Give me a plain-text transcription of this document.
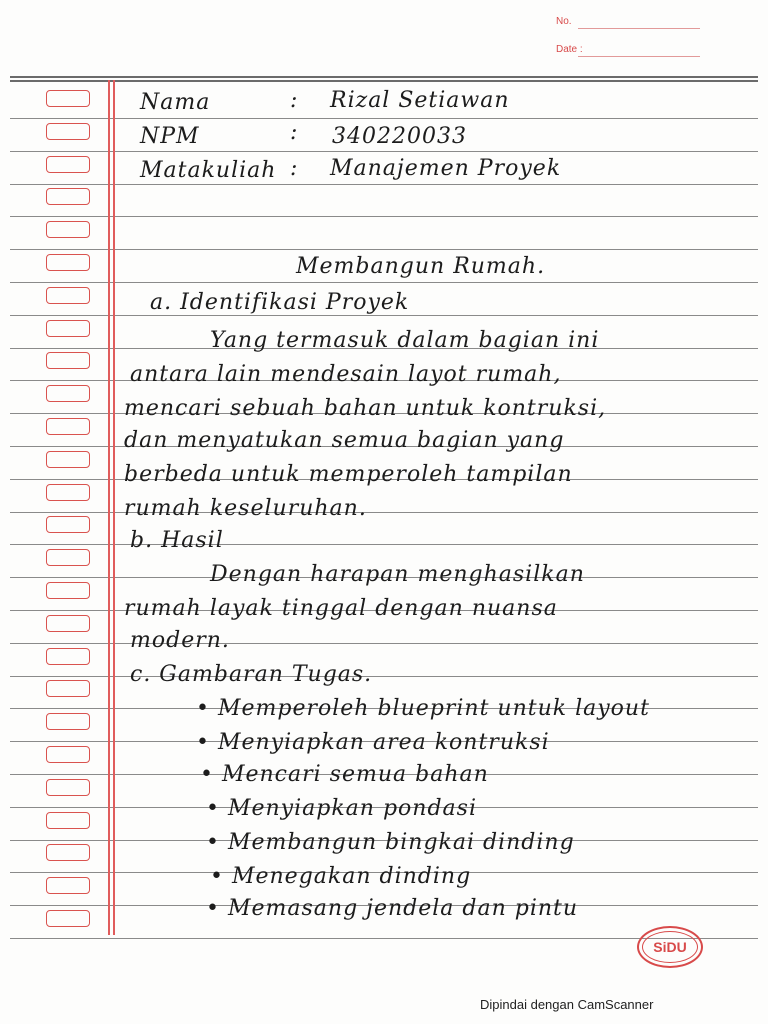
No.
Date :
Nama	: Rizal Setiawan
NPM	: 340220033
Matakuliah : Manajemen Proyek
Membangun Rumah.
a. Identifikasi Proyek
Yang termasuk dalam bagian ini
antara lain mendesain layot rumah,
mencari sebuah bahan untuk kontruksi,
dan menyatukan semua bagian yang
berbeda untuk memperoleh tampilan
rumah keseluruhan.
b. Hasil
Dengan harapan menghasilkan
rumah layak tinggal dengan nuansa
modern.
c. Gambaran Tugas.
• Memperoleh blueprint untuk layout
• Menyiapkan area kontruksi
• Mencari semua bahan
• Menyiapkan pondasi
• Membangun bingkai dinding
• Menegakan dinding
• Memasang jendela dan pintu
SiDU
Dipindai dengan CamScanner
